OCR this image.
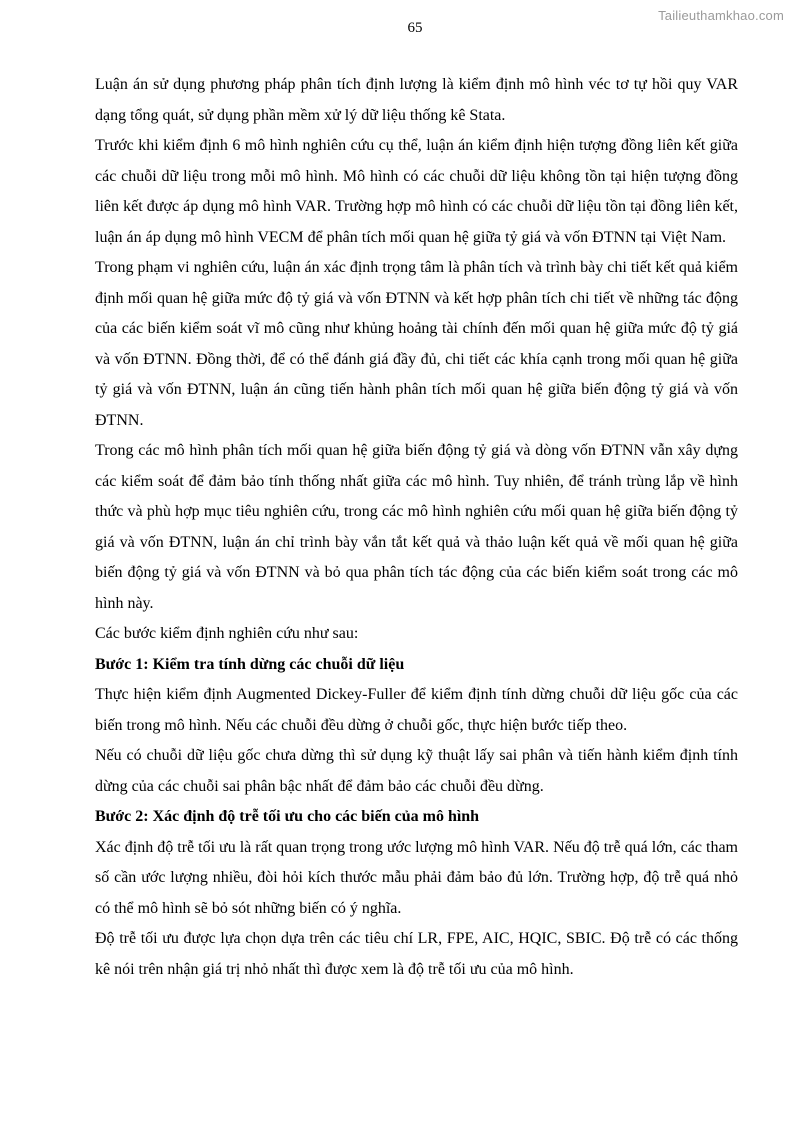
Tailieuthamkhao.com
65

Luận án sử dụng phương pháp phân tích định lượng là kiểm định mô hình véc tơ tự hồi quy VAR dạng tổng quát, sử dụng phần mềm xử lý dữ liệu thống kê Stata.

Trước khi kiểm định 6 mô hình nghiên cứu cụ thể, luận án kiểm định hiện tượng đồng liên kết giữa các chuỗi dữ liệu trong mỗi mô hình. Mô hình có các chuỗi dữ liệu không tồn tại hiện tượng đồng liên kết được áp dụng mô hình VAR. Trường hợp mô hình có các chuỗi dữ liệu tồn tại đồng liên kết, luận án áp dụng mô hình VECM để phân tích mối quan hệ giữa tỷ giá và vốn ĐTNN tại Việt Nam.

Trong phạm vi nghiên cứu, luận án xác định trọng tâm là phân tích và trình bày chi tiết kết quả kiểm định mối quan hệ giữa mức độ tỷ giá và vốn ĐTNN và kết hợp phân tích chi tiết về những tác động của các biến kiểm soát vĩ mô cũng như khủng hoảng tài chính đến mối quan hệ giữa mức độ tỷ giá và vốn ĐTNN. Đồng thời, để có thể đánh giá đầy đủ, chi tiết các khía cạnh trong mối quan hệ giữa tỷ giá và vốn ĐTNN, luận án cũng tiến hành phân tích mối quan hệ giữa biến động tỷ giá và vốn ĐTNN.

Trong các mô hình phân tích mối quan hệ giữa biến động tỷ giá và dòng vốn ĐTNN vẫn xây dựng các kiểm soát để đảm bảo tính thống nhất giữa các mô hình. Tuy nhiên, để tránh trùng lắp về hình thức và phù hợp mục tiêu nghiên cứu, trong các mô hình nghiên cứu mối quan hệ giữa biến động tỷ giá và vốn ĐTNN, luận án chỉ trình bày vắn tắt kết quả và thảo luận kết quả về mối quan hệ giữa biến động tỷ giá và vốn ĐTNN và bỏ qua phân tích tác động của các biến kiểm soát trong các mô hình này.

Các bước kiểm định nghiên cứu như sau:

Bước 1: Kiểm tra tính dừng các chuỗi dữ liệu

Thực hiện kiểm định Augmented Dickey-Fuller để kiểm định tính dừng chuỗi dữ liệu gốc của các biến trong mô hình. Nếu các chuỗi đều dừng ở chuỗi gốc, thực hiện bước tiếp theo.

Nếu có chuỗi dữ liệu gốc chưa dừng thì sử dụng kỹ thuật lấy sai phân và tiến hành kiểm định tính dừng của các chuỗi sai phân bậc nhất để đảm bảo các chuỗi đều dừng.

Bước 2: Xác định độ trễ tối ưu cho các biến của mô hình

Xác định độ trễ tối ưu là rất quan trọng trong ước lượng mô hình VAR. Nếu độ trễ quá lớn, các tham số cần ước lượng nhiều, đòi hỏi kích thước mẫu phải đảm bảo đủ lớn. Trường hợp, độ trễ quá nhỏ có thể mô hình sẽ bỏ sót những biến có ý nghĩa.

Độ trễ tối ưu được lựa chọn dựa trên các tiêu chí LR, FPE, AIC, HQIC, SBIC. Độ trễ có các thống kê nói trên nhận giá trị nhỏ nhất thì được xem là độ trễ tối ưu của mô hình.
